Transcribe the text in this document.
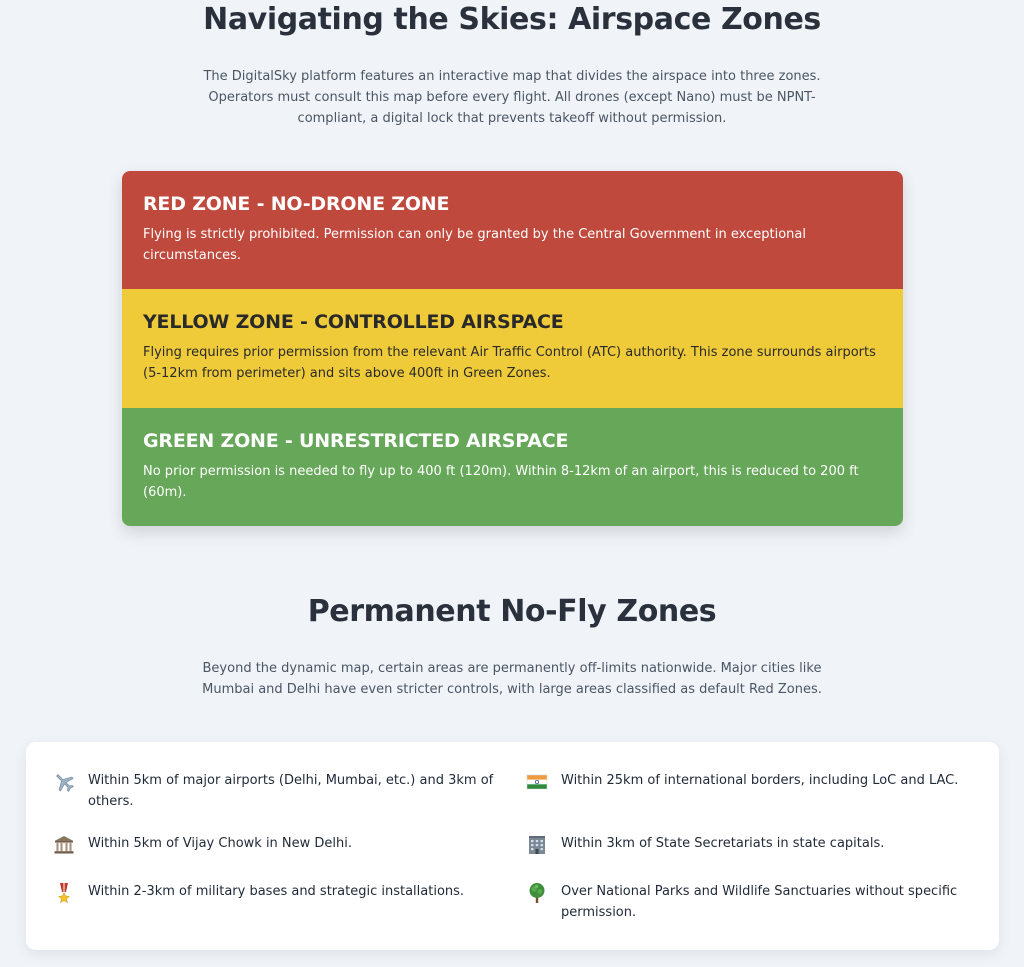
Navigating the Skies: Airspace Zones

The DigitalSky platform features an interactive map that divides the airspace into three zones. Operators must consult this map before every flight. All drones (except Nano) must be NPNT-compliant, a digital lock that prevents takeoff without permission.

RED ZONE - NO-DRONE ZONE

Flying is strictly prohibited. Permission can only be granted by the Central Government in exceptional circumstances.

YELLOW ZONE - CONTROLLED AIRSPACE

Flying requires prior permission from the relevant Air Traffic Control (ATC) authority. This zone surrounds airports (5-12km from perimeter) and sits above 400ft in Green Zones.

GREEN ZONE - UNRESTRICTED AIRSPACE

No prior permission is needed to fly up to 400 ft (120m). Within 8-12km of an airport, this is reduced to 200 ft (60m).

Permanent No-Fly Zones

Beyond the dynamic map, certain areas are permanently off-limits nationwide. Major cities like Mumbai and Delhi have even stricter controls, with large areas classified as default Red Zones.

Within 5km of major airports (Delhi, Mumbai, etc.) and 3km of others.
Within 25km of international borders, including LoC and LAC.
Within 5km of Vijay Chowk in New Delhi.	Within 3km of State Secretariats in state capitals.
Within 2-3km of military bases and strategic installations.	Over National Parks and Wildlife Sanctuaries without specific permission.
